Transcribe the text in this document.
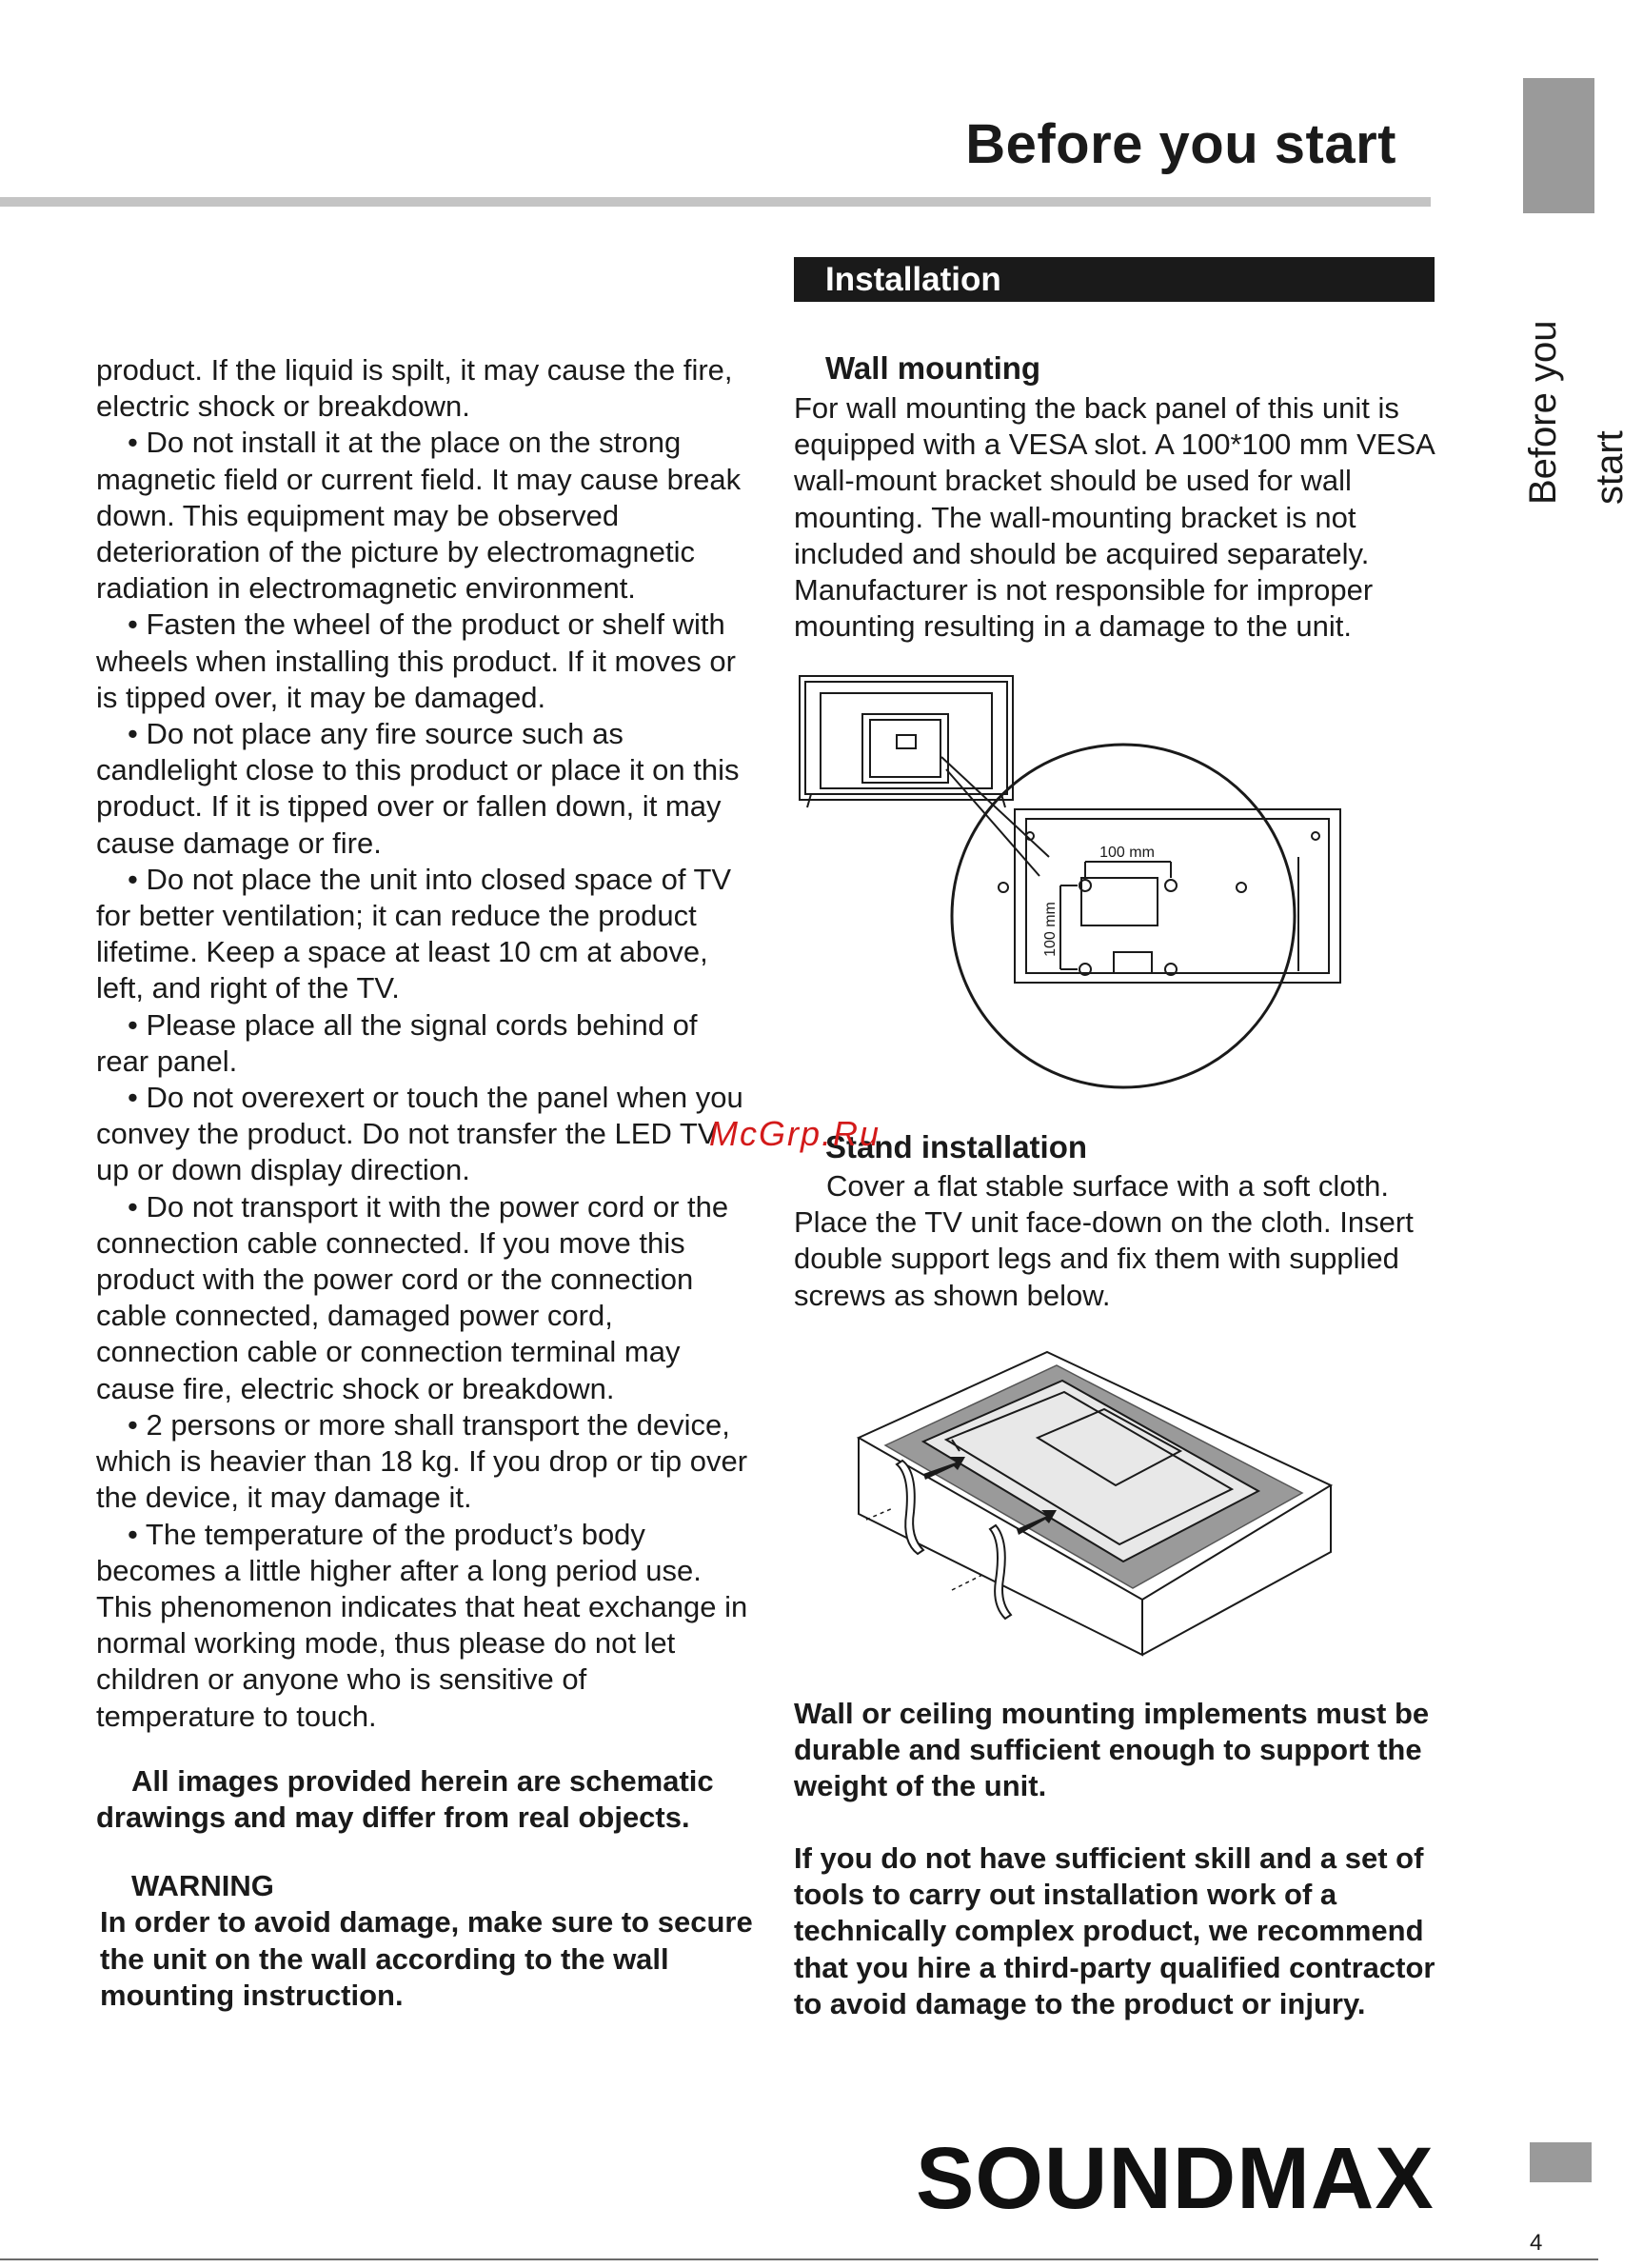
Before you start
Before you start

product. If the liquid is spilt, it may cause the fire, electric shock or breakdown.

• Do not install it at the place on the strong magnetic field or current field. It may cause break down. This equipment may be observed deterioration of the picture by electromagnetic radiation in electromagnetic environment.

• Fasten the wheel of the product or shelf with wheels when installing this product. If it moves or is tipped over, it may be damaged.

• Do not place any fire source such as candlelight close to this product or place it on this product. If it is tipped over or fallen down, it may cause damage or fire.

• Do not place the unit into closed space of TV for better ventilation; it can reduce the product lifetime. Keep a space at least 10 cm at above, left, and right of the TV.

• Please place all the signal cords behind of rear panel.

• Do not overexert or touch the panel when you convey the product. Do not transfer the LED TV up or down display direction.

• Do not transport it with the power cord or the connection cable connected. If you move this product with the power cord or the connection cable connected, damaged power cord, connection cable or connection terminal may cause fire, electric shock or breakdown.

• 2 persons or more shall transport the device, which is heavier than 18 kg. If you drop or tip over the device, it may damage it.

• The temperature of the product’s body becomes a little higher after a long period use. This phenomenon indicates that heat exchange in normal working mode, thus please do not let children or anyone who is sensitive of temperature to touch.

All images provided herein are schematic drawings and may differ from real objects.

WARNING

In order to avoid damage, make sure to secure the unit on the wall according to the wall mounting instruction.

Installation
Wall mounting

For wall mounting the back panel of this unit is equipped with a VESA slot. A 100*100 mm VESA wall-mount bracket should be used for wall mounting. The wall-mounting bracket is not included and should be acquired separately. Manufacturer is not responsible for improper mounting resulting in a damage to the unit.

100 mm
100 mm
Stand installation

Cover a flat stable surface with a soft cloth. Place the TV unit face-down on the cloth. Insert double support legs and fix them with supplied screws as shown below.

Wall or ceiling mounting implements must be durable and sufficient enough to support the weight of the unit.

If you do not have sufficient skill and a set of tools to carry out installation work of a technically complex product, we recommend that you hire a third-party qualified contractor to avoid damage to the product or injury.

McGrp.Ru
SOUNDMAX
4
